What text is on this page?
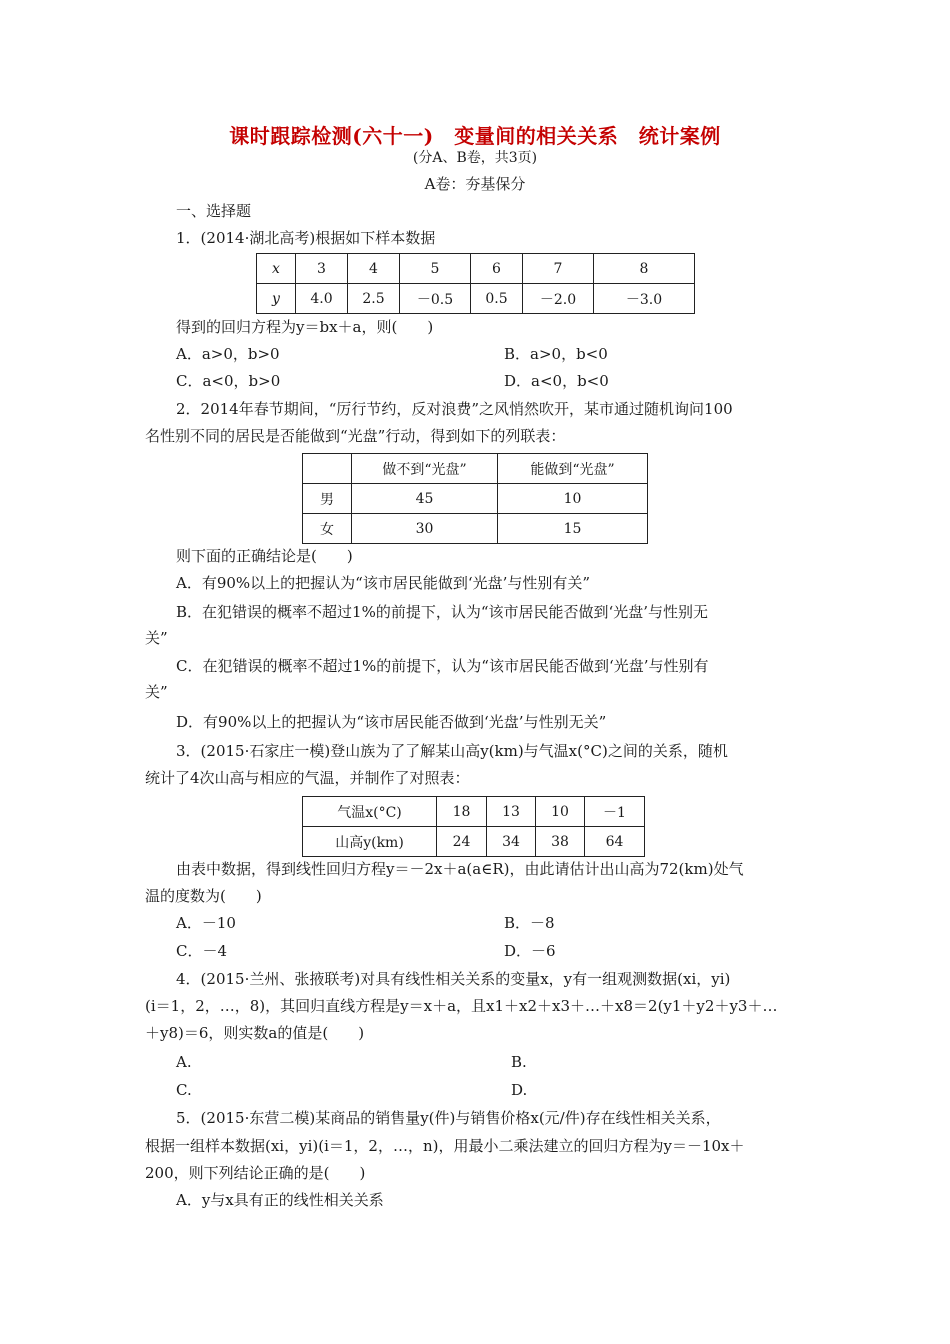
课时跟踪检测(六十一)　变量间的相关关系　统计案例
(分A、B卷，共3页)
A卷：夯基保分
一、选择题
1．(2014·湖北高考)根据如下样本数据
x	3	4	5	6	7	8
y	4.0	2.5	－0.5	0.5	－2.0	－3.0
得到的回归方程为y＝bx＋a，则(　　)
A．a>0，b>0	B．a>0，b<0
C．a<0，b>0	D．a<0，b<0
2．2014年春节期间，“厉行节约，反对浪费”之风悄然吹开，某市通过随机询问100
名性别不同的居民是否能做到“光盘”行动，得到如下的列联表：
	做不到“光盘”	能做到“光盘”
男	45	10
女	30	15
则下面的正确结论是(　　)
A．有90%以上的把握认为“该市居民能做到‘光盘’与性别有关”
B．在犯错误的概率不超过1%的前提下，认为“该市居民能否做到‘光盘’与性别无
关”
C．在犯错误的概率不超过1%的前提下，认为“该市居民能否做到‘光盘’与性别有
关”
D．有90%以上的把握认为“该市居民能否做到‘光盘’与性别无关”
3．(2015·石家庄一模)登山族为了了解某山高y(km)与气温x(°C)之间的关系，随机
统计了4次山高与相应的气温，并制作了对照表：
气温x(°C)	18	13	10	－1
山高y(km)	24	34	38	64
由表中数据，得到线性回归方程y＝－2x＋a(a∈R)，由此请估计出山高为72(km)处气
温的度数为(　　)
A．－10	B．－8
C．－4	D．－6
4．(2015·兰州、张掖联考)对具有线性相关关系的变量x，y有一组观测数据(xi，yi)
(i＝1，2，…，8)，其回归直线方程是y＝x＋a，且x1＋x2＋x3＋…＋x8＝2(y1＋y2＋y3＋…
＋y8)＝6，则实数a的值是(　　)
A.	B.
C.	D.
5．(2015·东营二模)某商品的销售量y(件)与销售价格x(元/件)存在线性相关关系，
根据一组样本数据(xi，yi)(i＝1，2，…，n)，用最小二乘法建立的回归方程为y＝－10x＋
200，则下列结论正确的是(　　)
A．y与x具有正的线性相关关系
